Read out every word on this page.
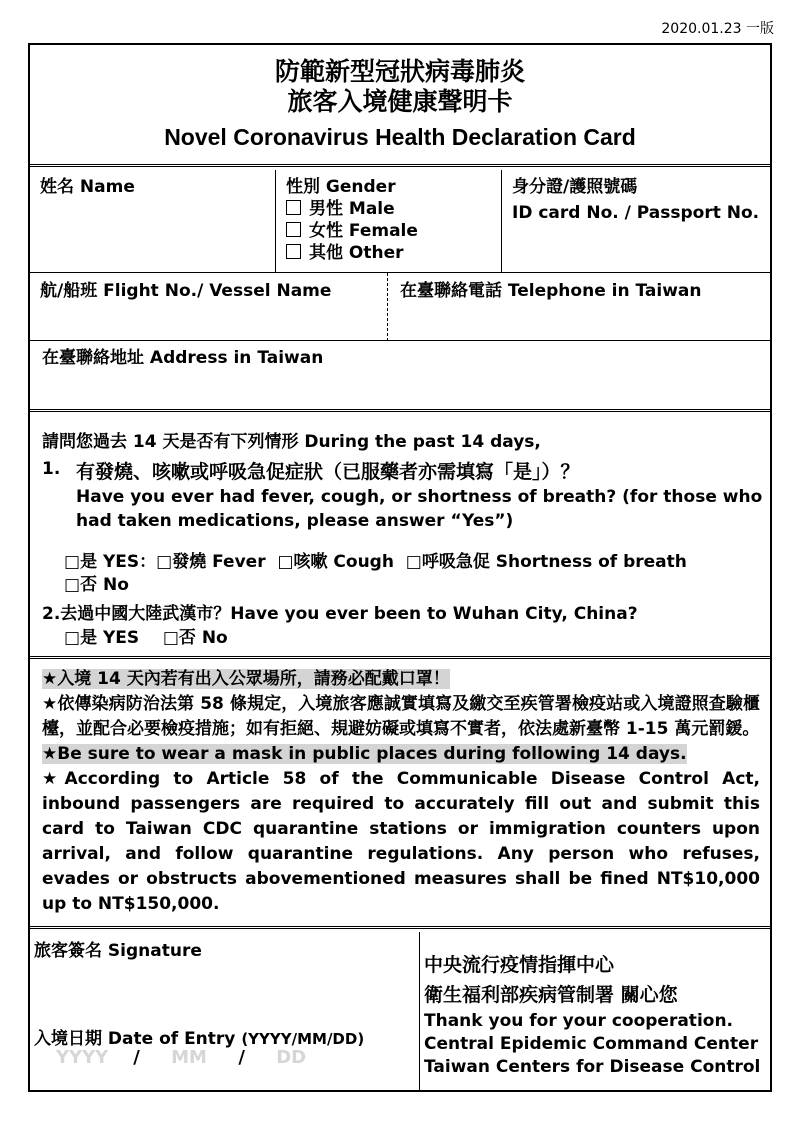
2020.01.23 一版
防範新型冠狀病毒肺炎
旅客入境健康聲明卡
Novel Coronavirus Health Declaration Card
姓名 Name	性別 Gender
男性 Male
女性 Female
其他 Other
身分證/護照號碼
ID card No. / Passport No.
航/船班 Flight No./ Vessel Name	在臺聯絡電話 Telephone in Taiwan
在臺聯絡地址 Address in Taiwan
請問您過去 14 天是否有下列情形 During the past 14 days,
1. 有發燒、咳嗽或呼吸急促症狀（已服藥者亦需填寫「是」）？
Have you ever had fever, cough, or shortness of breath? (for those who had taken medications, please answer “Yes”)
□是 YES：□發燒 Fever □咳嗽 Cough □呼吸急促 Shortness of breath
□否 No
2.去過中國大陸武漢市？Have you ever been to Wuhan City, China?
□是 YES □否 No

★入境 14 天內若有出入公眾場所，請務必配戴口罩！

★依傳染病防治法第 58 條規定，入境旅客應誠實填寫及繳交至疾管署檢疫站或入境證照查驗櫃檯，並配合必要檢疫措施；如有拒絕、規避妨礙或填寫不實者，依法處新臺幣 1-15 萬元罰鍰。

★Be sure to wear a mask in public places during following 14 days.

★According to Article 58 of the Communicable Disease Control Act, inbound passengers are required to accurately fill out and submit this card to Taiwan CDC quarantine stations or immigration counters upon arrival, and follow quarantine regulations. Any person who refuses, evades or obstructs abovementioned measures shall be fined NT$10,000 up to NT$150,000.

旅客簽名 Signature
入境日期 Date of Entry (YYYY/MM/DD)
YYYY / MM / DD
中央流行疫情指揮中心
衛生福利部疾病管制署 關心您
Thank you for your cooperation.
Central Epidemic Command Center
Taiwan Centers for Disease Control
